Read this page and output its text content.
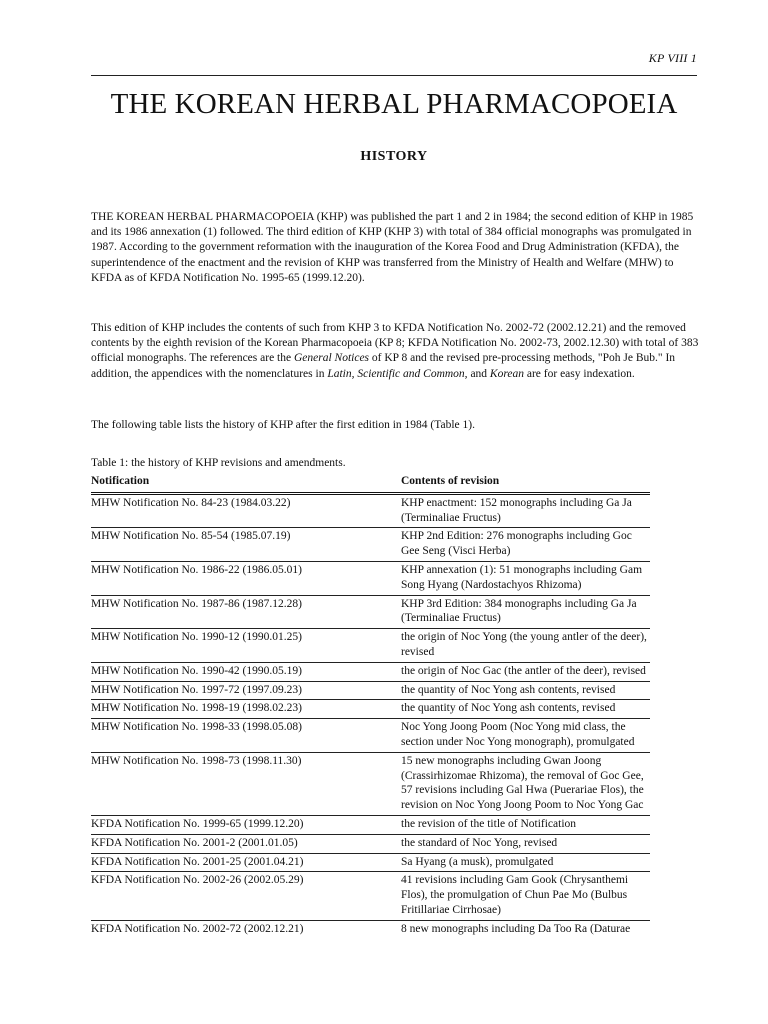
KP VIII 1
THE KOREAN HERBAL PHARMACOPOEIA
HISTORY

THE KOREAN HERBAL PHARMACOPOEIA (KHP) was published the part 1 and 2 in 1984; the second edition of KHP in 1985 and its 1986 annexation (1) followed. The third edition of KHP (KHP 3) with total of 384 official monographs was promulgated in 1987. According to the government reformation with the inauguration of the Korea Food and Drug Administration (KFDA), the superintendence of the enactment and the revision of KHP was transferred from the Ministry of Health and Welfare (MHW) to KFDA as of KFDA Notification No. 1995-65 (1999.12.20).

This edition of KHP includes the contents of such from KHP 3 to KFDA Notification No. 2002-72 (2002.12.21) and the removed contents by the eighth revision of the Korean Pharmacopoeia (KP 8; KFDA Notification No. 2002-73, 2002.12.30) with total of 383 official monographs. The references are the General Notices of KP 8 and the revised pre-processing methods, "Poh Je Bub." In addition, the appendices with the nomenclatures in Latin, Scientific and Common, and Korean are for easy indexation.

The following table lists the history of KHP after the first edition in 1984 (Table 1).

Table 1: the history of KHP revisions and amendments.

Notification	Contents of revision
MHW Notification No. 84-23 (1984.03.22)	KHP enactment: 152 monographs including Ga Ja (Terminaliae Fructus)
MHW Notification No. 85-54 (1985.07.19)	KHP 2nd Edition: 276 monographs including Goc Gee Seng (Visci Herba)
MHW Notification No. 1986-22 (1986.05.01)	KHP annexation (1): 51 monographs including Gam Song Hyang (Nardostachyos Rhizoma)
MHW Notification No. 1987-86 (1987.12.28)	KHP 3rd Edition: 384 monographs including Ga Ja (Terminaliae Fructus)
MHW Notification No. 1990-12 (1990.01.25)	the origin of Noc Yong (the young antler of the deer), revised
MHW Notification No. 1990-42 (1990.05.19)	the origin of Noc Gac (the antler of the deer), revised
MHW Notification No. 1997-72 (1997.09.23)	the quantity of Noc Yong ash contents, revised
MHW Notification No. 1998-19 (1998.02.23)	the quantity of Noc Yong ash contents, revised
MHW Notification No. 1998-33 (1998.05.08)	Noc Yong Joong Poom (Noc Yong mid class, the section under Noc Yong monograph), promulgated
MHW Notification No. 1998-73 (1998.11.30)	15 new monographs including Gwan Joong (Crassirhizomae Rhizoma), the removal of Goc Gee, 57 revisions including Gal Hwa (Puerariae Flos), the revision on Noc Yong Joong Poom to Noc Yong Gac
KFDA Notification No. 1999-65 (1999.12.20)	the revision of the title of Notification
KFDA Notification No. 2001-2 (2001.01.05)	the standard of Noc Yong, revised
KFDA Notification No. 2001-25 (2001.04.21)	Sa Hyang (a musk), promulgated
KFDA Notification No. 2002-26 (2002.05.29)	41 revisions including Gam Gook (Chrysanthemi Flos), the promulgation of Chun Pae Mo (Bulbus Fritillariae Cirrhosae)
KFDA Notification No. 2002-72 (2002.12.21)	8 new monographs including Da Too Ra (Daturae
